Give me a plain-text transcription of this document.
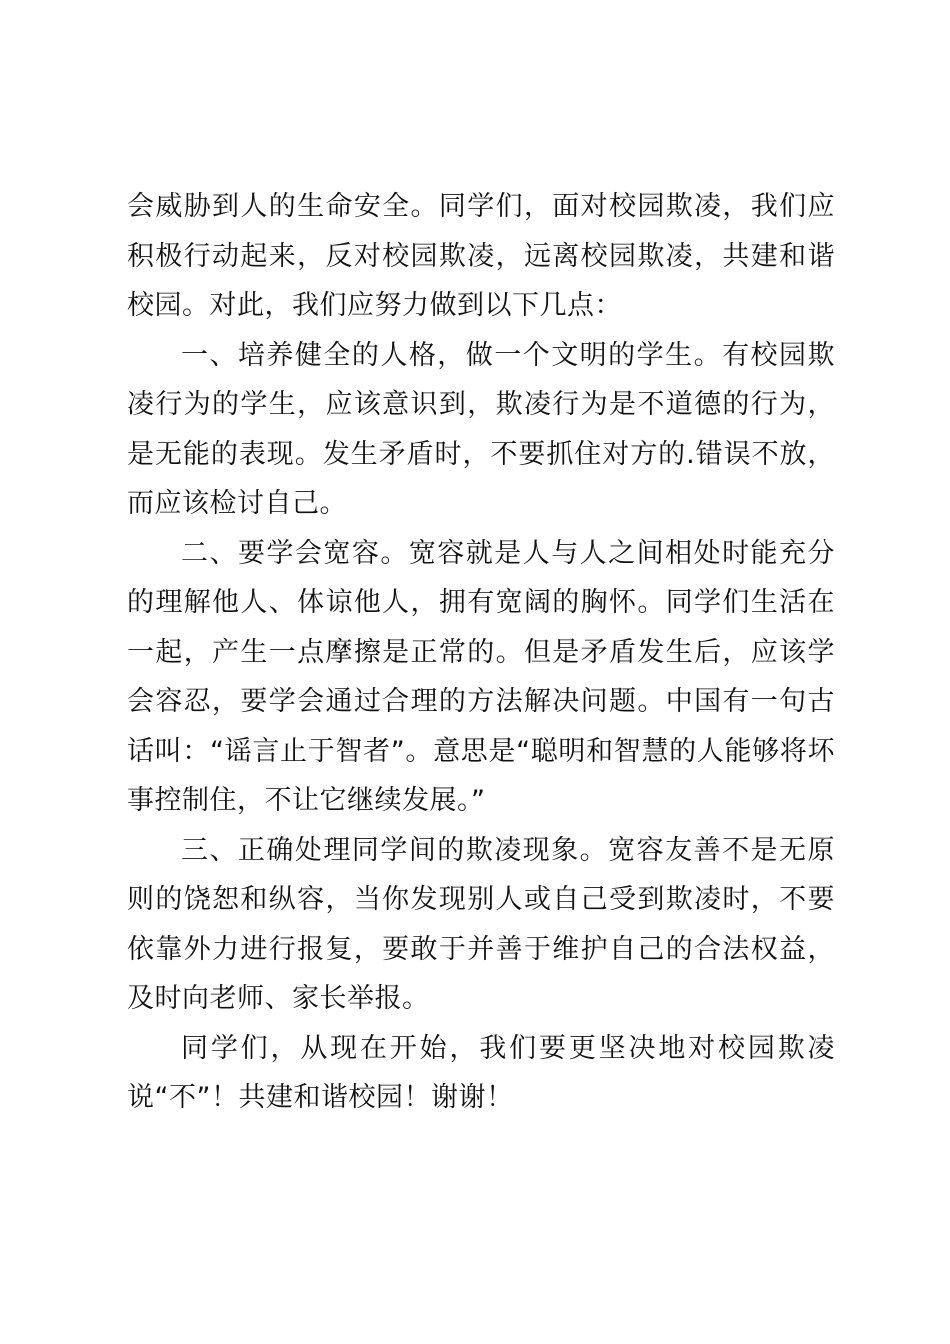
会威胁到人的生命安全。同学们，面对校园欺凌，我们应积极行动起来，反对校园欺凌，远离校园欺凌，共建和谐校园。对此，我们应努力做到以下几点：

一、培养健全的人格，做一个文明的学生。有校园欺凌行为的学生，应该意识到，欺凌行为是不道德的行为，是无能的表现。发生矛盾时，不要抓住对方的.错误不放，而应该检讨自己。

二、要学会宽容。宽容就是人与人之间相处时能充分的理解他人、体谅他人，拥有宽阔的胸怀。同学们生活在一起，产生一点摩擦是正常的。但是矛盾发生后，应该学会容忍，要学会通过合理的方法解决问题。中国有一句古话叫：“谣言止于智者”。意思是“聪明和智慧的人能够将坏事控制住，不让它继续发展。”

三、正确处理同学间的欺凌现象。宽容友善不是无原则的饶恕和纵容，当你发现别人或自己受到欺凌时，不要依靠外力进行报复，要敢于并善于维护自己的合法权益，及时向老师、家长举报。

同学们，从现在开始，我们要更坚决地对校园欺凌说“不”！共建和谐校园！谢谢！
